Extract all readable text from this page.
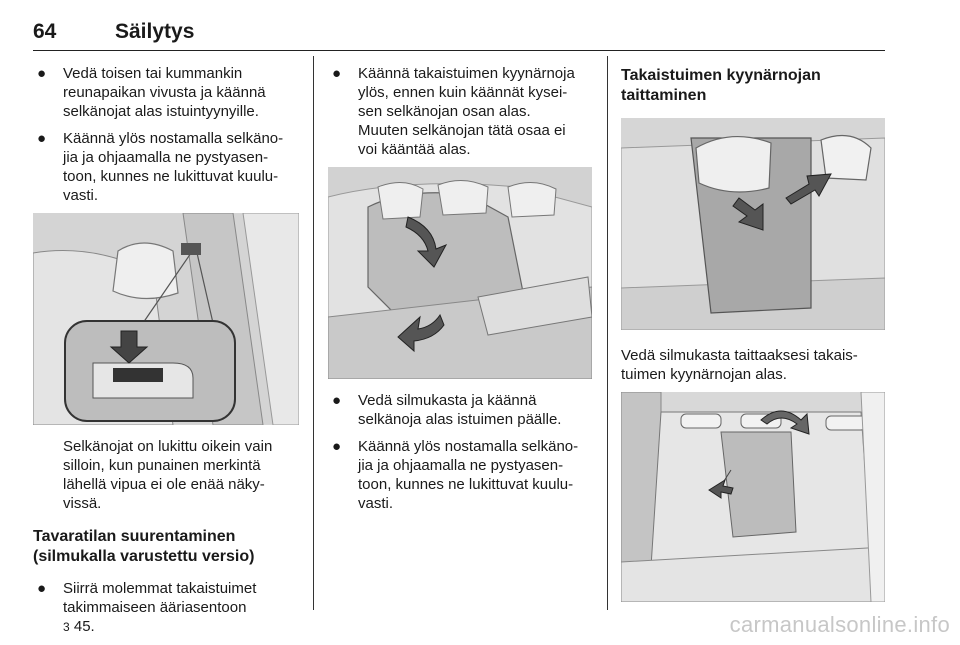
64	Säilytys
● Vedä toisen tai kummankin
reunapaikan vivusta ja käännä
selkänojat alas istuintyynyille.
● Käännä ylös nostamalla selkäno-
jia ja ohjaamalla ne pystyasen-
toon, kunnes ne lukittuvat kuulu-
vasti.
Selkänojat on lukittu oikein vain
silloin, kun punainen merkintä
lähellä vipua ei ole enää näky-
vissä.
Tavaratilan suurentaminen
(silmukalla varustettu versio)
● Siirrä molemmat takaistuimet
takimmaiseen ääriasentoon
3 45.
● Käännä takaistuimen kyynärnoja
ylös, ennen kuin käännät kysei-
sen selkänojan osan alas.
Muuten selkänojan tätä osaa ei
voi kääntää alas.
● Vedä silmukasta ja käännä
selkänoja alas istuimen päälle.
● Käännä ylös nostamalla selkäno-
jia ja ohjaamalla ne pystyasen-
toon, kunnes ne lukittuvat kuulu-
vasti.
Takaistuimen kyynärnojan
taittaminen
Vedä silmukasta taittaaksesi takais-
tuimen kyynärnojan alas.
carmanualsonline.info
